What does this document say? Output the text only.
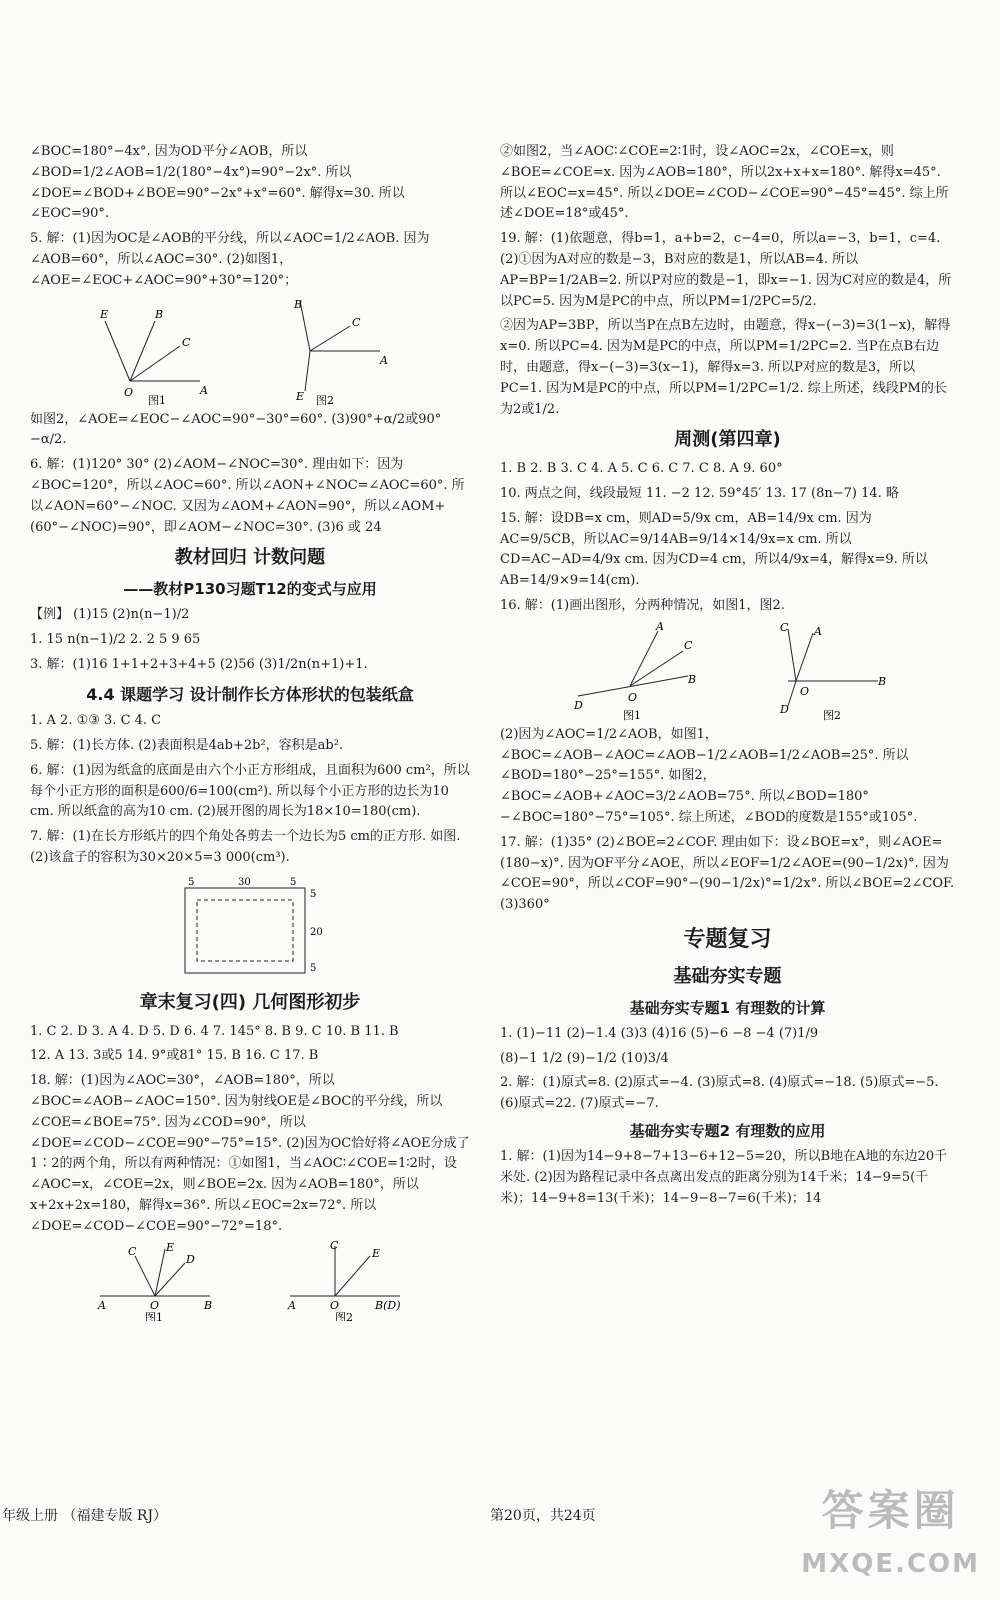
∠BOC=180°−4x°. 因为OD平分∠AOB，所以∠BOD=1/2∠AOB=1/2(180°−4x°)=90°−2x°. 所以∠DOE=∠BOD+∠BOE=90°−2x°+x°=60°. 解得x=30. 所以∠EOC=90°.

5. 解：(1)因为OC是∠AOB的平分线，所以∠AOC=1/2∠AOB. 因为∠AOB=60°，所以∠AOC=30°. (2)如图1，∠AOE=∠EOC+∠AOC=90°+30°=120°；

O	A
E	B
C
图1
B
C
A
E 图2

如图2，∠AOE=∠EOC−∠AOC=90°−30°=60°. (3)90°+α/2或90°−α/2.

6. 解：(1)120° 30° (2)∠AOM−∠NOC=30°. 理由如下：因为∠BOC=120°，所以∠AOC=60°. 所以∠AON+∠NOC=∠AOC=60°. 所以∠AON=60°−∠NOC. 又因为∠AOM+∠AON=90°，所以∠AOM+(60°−∠NOC)=90°，即∠AOM−∠NOC=30°. (3)6 或 24

教材回归 计数问题
——教材P130习题T12的变式与应用

【例】 (1)15 (2)n(n−1)/2

1. 15 n(n−1)/2 2. 2 5 9 65

3. 解：(1)16 1+1+2+3+4+5 (2)56 (3)1/2n(n+1)+1.

4.4 课题学习 设计制作长方体形状的包装纸盒

1. A 2. ①③ 3. C 4. C

5. 解：(1)长方体. (2)表面积是4ab+2b²，容积是ab².

6. 解：(1)因为纸盒的底面是由六个小正方形组成，且面积为600 cm²，所以每个小正方形的面积是600/6=100(cm²). 所以每个小正方形的边长为10 cm. 所以纸盒的高为10 cm. (2)展开图的周长为18×10=180(cm).

7. 解：(1)在长方形纸片的四个角处各剪去一个边长为5 cm的正方形. 如图. (2)该盒子的容积为30×20×5=3 000(cm³).

5	30	5
5
20
5
章末复习(四) 几何图形初步

1. C 2. D 3. A 4. D 5. D 6. 4 7. 145° 8. B 9. C 10. B 11. B

12. A 13. 3或5 14. 9°或81° 15. B 16. C 17. B

18. 解：(1)因为∠AOC=30°，∠AOB=180°，所以∠BOC=∠AOB−∠AOC=150°. 因为射线OE是∠BOC的平分线，所以∠COE=∠BOE=75°. 因为∠COD=90°，所以∠DOE=∠COD−∠COE=90°−75°=15°. (2)因为OC恰好将∠AOE分成了1∶2的两个角，所以有两种情况：①如图1，当∠AOC∶∠COE=1∶2时，设∠AOC=x，∠COE=2x，则∠BOE=2x. 因为∠AOB=180°，所以x+2x+2x=180，解得x=36°. 所以∠EOC=2x=72°. 所以∠DOE=∠COD−∠COE=90°−72°=18°.

A	O	B
C	E
D
图1
A	O	B(D)
C
E
图2

②如图2，当∠AOC∶∠COE=2∶1时，设∠AOC=2x，∠COE=x，则∠BOE=∠COE=x. 因为∠AOB=180°，所以2x+x+x=180°. 解得x=45°. 所以∠EOC=x=45°. 所以∠DOE=∠COD−∠COE=90°−45°=45°. 综上所述∠DOE=18°或45°.

19. 解：(1)依题意，得b=1，a+b=2，c−4=0，所以a=−3，b=1，c=4. (2)①因为A对应的数是−3，B对应的数是1，所以AB=4. 所以AP=BP=1/2AB=2. 所以P对应的数是−1，即x=−1. 因为C对应的数是4，所以PC=5. 因为M是PC的中点，所以PM=1/2PC=5/2.

②因为AP=3BP，所以当P在点B左边时，由题意，得x−(−3)=3(1−x)，解得x=0. 所以PC=4. 因为M是PC的中点，所以PM=1/2PC=2. 当P在点B右边时，由题意，得x−(−3)=3(x−1)，解得x=3. 所以P对应的数是3，所以PC=1. 因为M是PC的中点，所以PM=1/2PC=1/2. 综上所述，线段PM的长为2或1/2.

周测(第四章)

1. B 2. B 3. C 4. A 5. C 6. C 7. C 8. A 9. 60°

10. 两点之间，线段最短 11. −2 12. 59°45′ 13. 17 (8n−7) 14. 略

15. 解：设DB=x cm，则AD=5/9x cm，AB=14/9x cm. 因为AC=9/5CB，所以AC=9/14AB=9/14×14/9x=x cm. 所以CD=AC−AD=4/9x cm. 因为CD=4 cm，所以4/9x=4，解得x=9. 所以AB=14/9×9=14(cm).

16. 解：(1)画出图形，分两种情况，如图1，图2.

D
O
B
A
C
图1
C A
B
O
D	图2

(2)因为∠AOC=1/2∠AOB，如图1，∠BOC=∠AOB−∠AOC=∠AOB−1/2∠AOB=1/2∠AOB=25°. 所以∠BOD=180°−25°=155°. 如图2，∠BOC=∠AOB+∠AOC=3/2∠AOB=75°. 所以∠BOD=180°−∠BOC=180°−75°=105°. 综上所述，∠BOD的度数是155°或105°.

17. 解：(1)35° (2)∠BOE=2∠COF. 理由如下：设∠BOE=x°，则∠AOE=(180−x)°. 因为OF平分∠AOE，所以∠EOF=1/2∠AOE=(90−1/2x)°. 因为∠COE=90°，所以∠COF=90°−(90−1/2x)°=1/2x°. 所以∠BOE=2∠COF. (3)360°

专题复习
基础夯实专题
基础夯实专题1 有理数的计算

1. (1)−11 (2)−1.4 (3)3 (4)16 (5)−6 −8 −4 (7)1/9

(8)−1 1/2 (9)−1/2 (10)3/4

2. 解：(1)原式=8. (2)原式=−4. (3)原式=8. (4)原式=−18. (5)原式=−5. (6)原式=22. (7)原式=−7.

基础夯实专题2 有理数的应用

1. 解：(1)因为14−9+8−7+13−6+12−5=20，所以B地在A地的东边20千米处. (2)因为路程记录中各点离出发点的距离分别为14千米；14−9=5(千米)；14−9+8=13(千米)；14−9−8−7=6(千米)；14

年级上册 （福建专版 RJ）	第20页，共24页	答案圈
MXQE.COM
